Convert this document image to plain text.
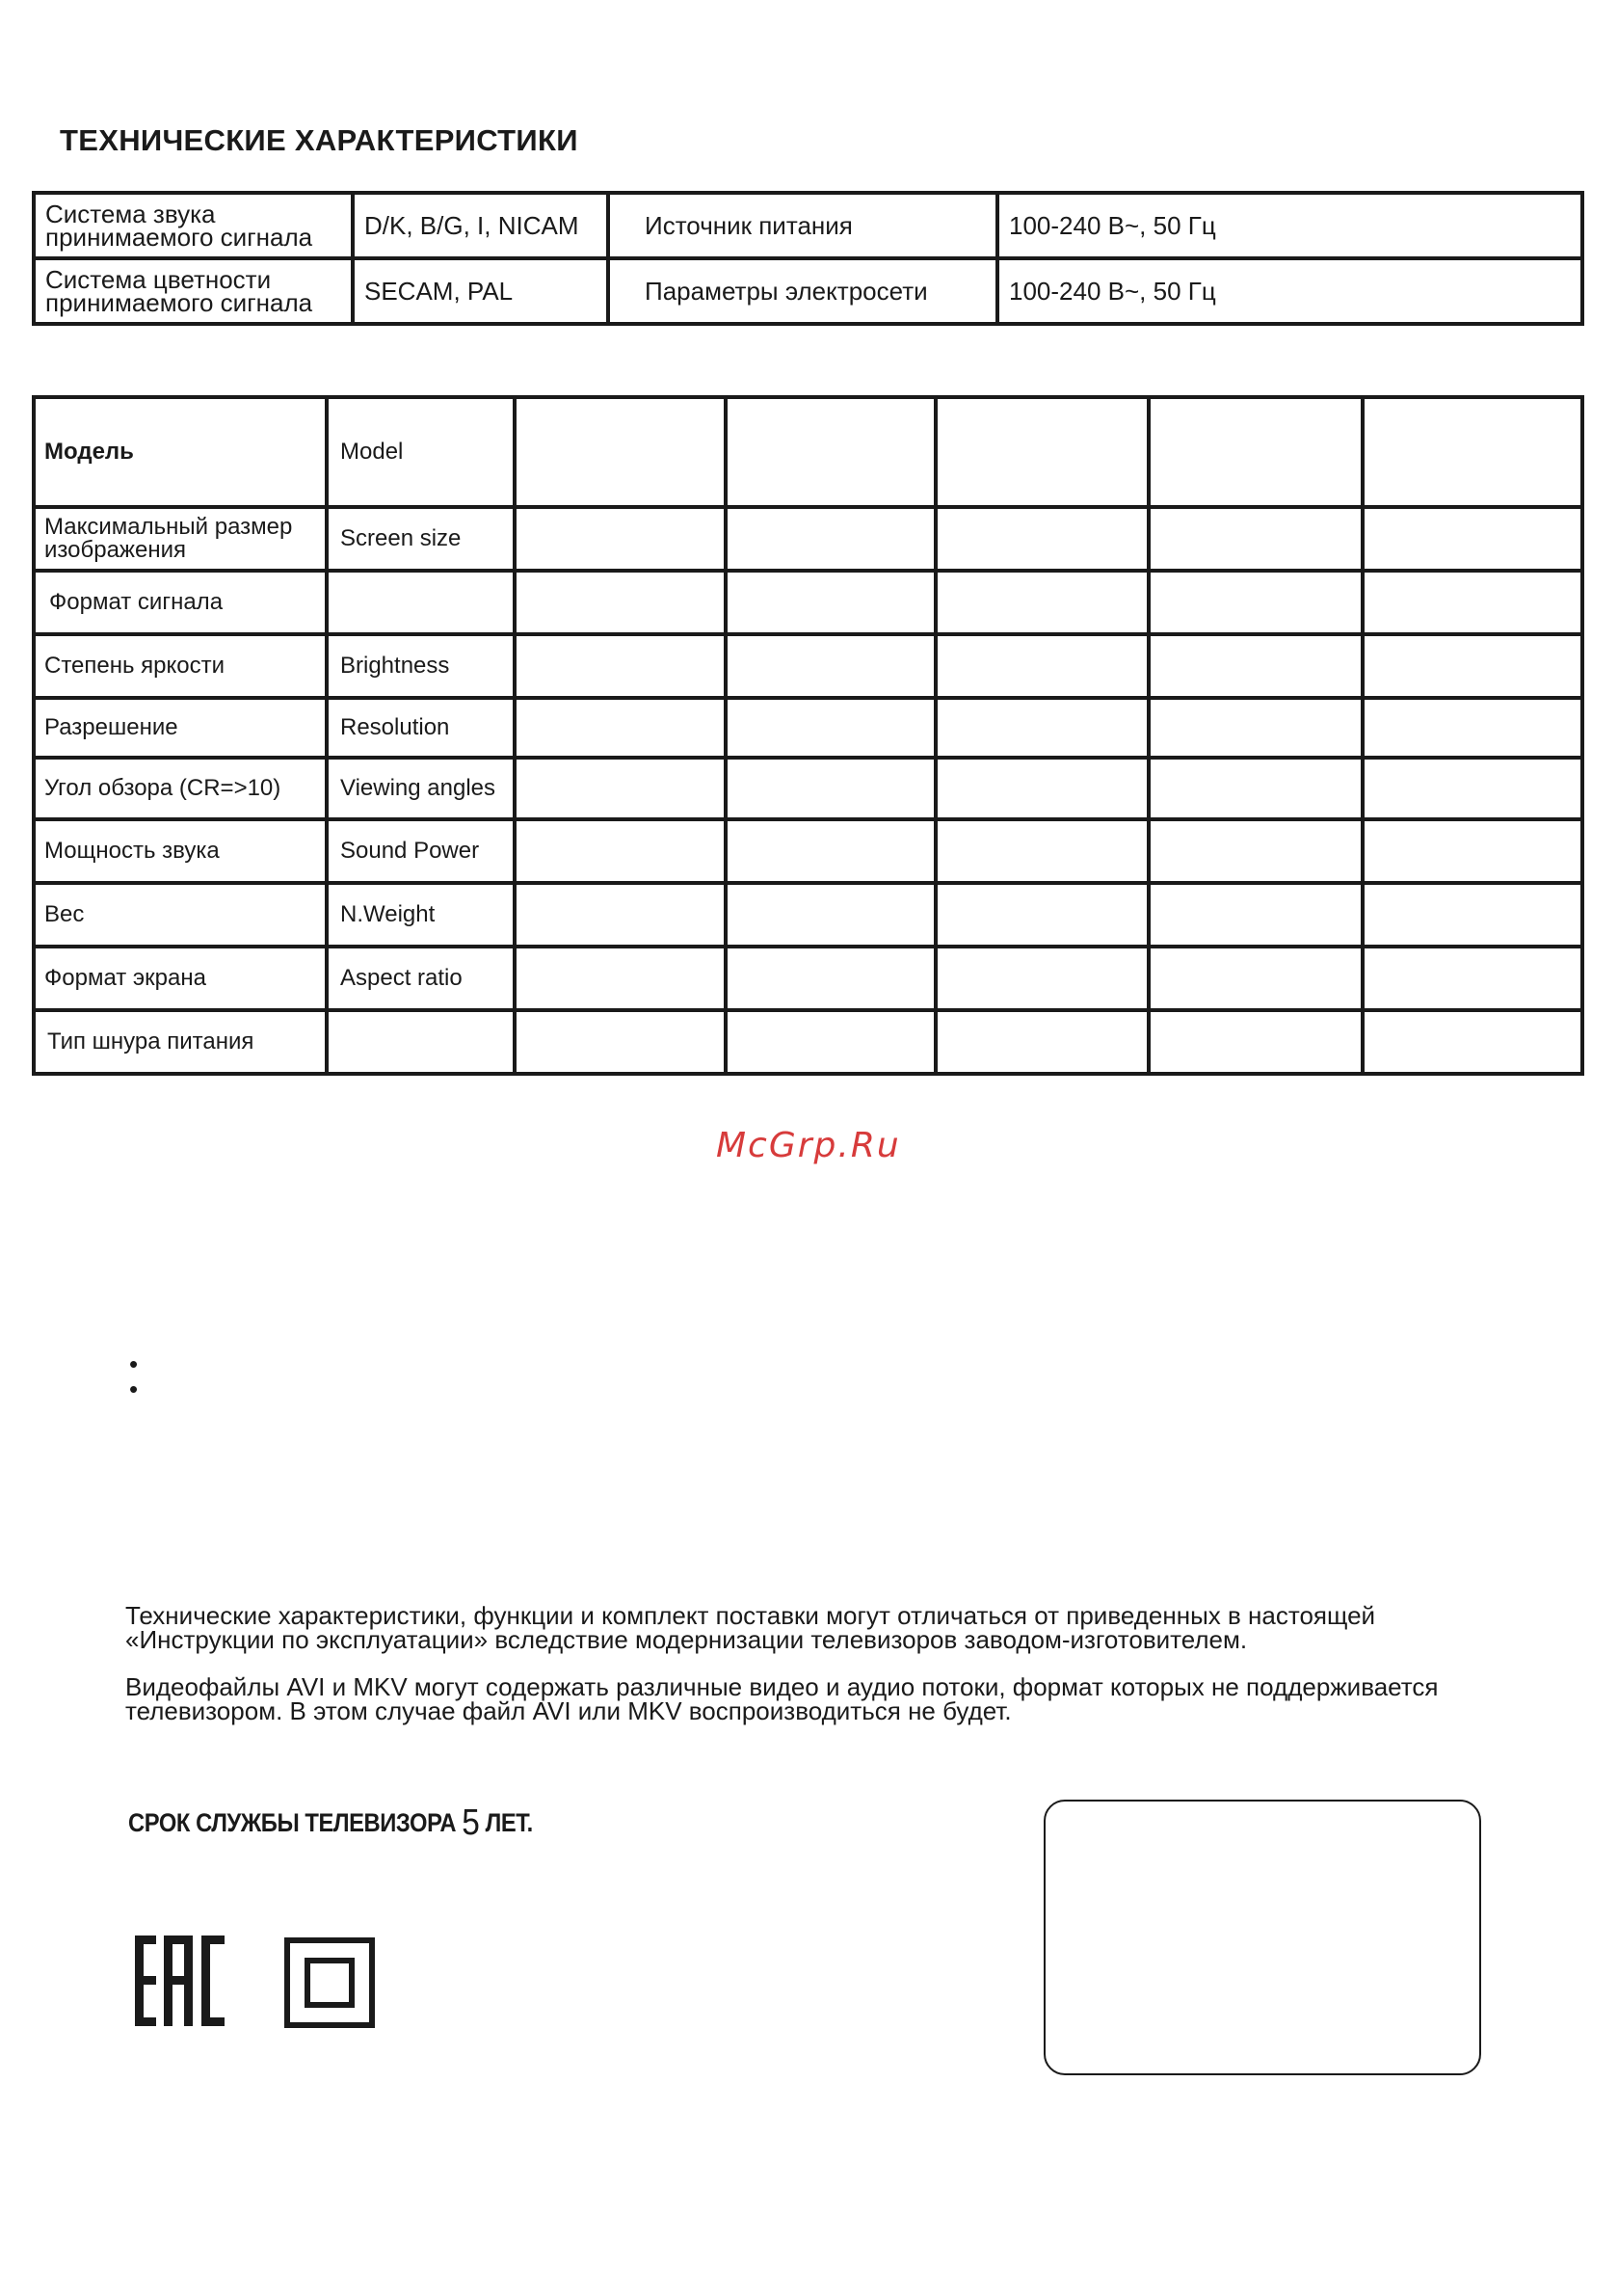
ТЕХНИЧЕСКИЕ ХАРАКТЕРИСТИКИ
Система звука принимаемого сигнала	D/K, B/G, I, NICAM	Источник питания	100-240 В~, 50 Гц
Система цветности принимаемого сигнала	SECAM, PAL	Параметры электросети	100-240 В~, 50 Гц
Модель	Model					
Максимальный размер изображения	Screen size					
Формат сигнала						
Степень яркости	Brightness					
Разрешение	Resolution					
Угол обзора (CR=>10)	Viewing angles					
Мощность звука	Sound Power					
Вес	N.Weight					
Формат экрана	Aspect ratio					
Тип шнура питания						
McGrp.Ru
•
•
Технические характеристики, функции и комплект поставки могут отличаться от приведенных в настоящей «Инструкции по эксплуатации» вследствие модернизации телевизоров заводом-изготовителем.
Видеофайлы AVI и MKV могут содержать различные видео и аудио потоки, формат которых не поддерживается телевизором. В этом случае файл AVI или MKV воспроизводиться не будет.
СРОК СЛУЖБЫ ТЕЛЕВИЗОРА 5 ЛЕТ.
